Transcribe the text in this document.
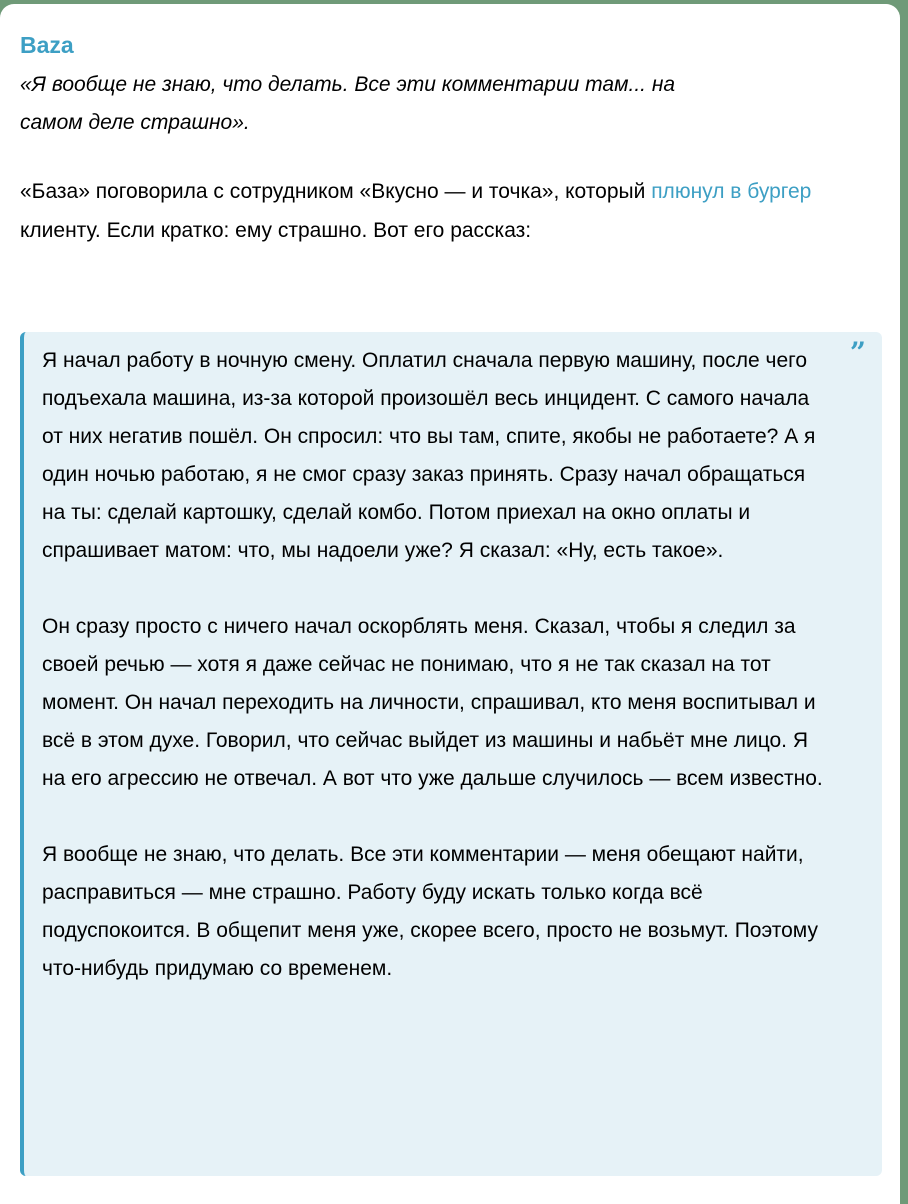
Baza

«Я вообще не знаю, что делать. Все эти комментарии там... на

самом деле страшно».

«База» поговорила с сотрудником «Вкусно — и точка», который плюнул в бургер клиенту. Если кратко: ему страшно. Вот его рассказ:

”

Я начал работу в ночную смену. Оплатил сначала первую машину, после чего подъехала машина, из-за которой произошёл весь инцидент. С самого начала от них негатив пошёл. Он спросил: что вы там, спите, якобы не работаете? А я один ночью работаю, я не смог сразу заказ принять. Сразу начал обращаться на ты: сделай картошку, сделай комбо. Потом приехал на окно оплаты и спрашивает матом: что, мы надоели уже? Я сказал: «Ну, есть такое».

Он сразу просто с ничего начал оскорблять меня. Сказал, чтобы я следил за своей речью — хотя я даже сейчас не понимаю, что я не так сказал на тот момент. Он начал переходить на личности, спрашивал, кто меня воспитывал и всё в этом духе. Говорил, что сейчас выйдет из машины и набьёт мне лицо. Я на его агрессию не отвечал. А вот что уже дальше случилось — всем известно.

Я вообще не знаю, что делать. Все эти комментарии — меня обещают найти, расправиться — мне страшно. Работу буду искать только когда всё подуспокоится. В общепит меня уже, скорее всего, просто не возьмут. Поэтому что-нибудь придумаю со временем.
